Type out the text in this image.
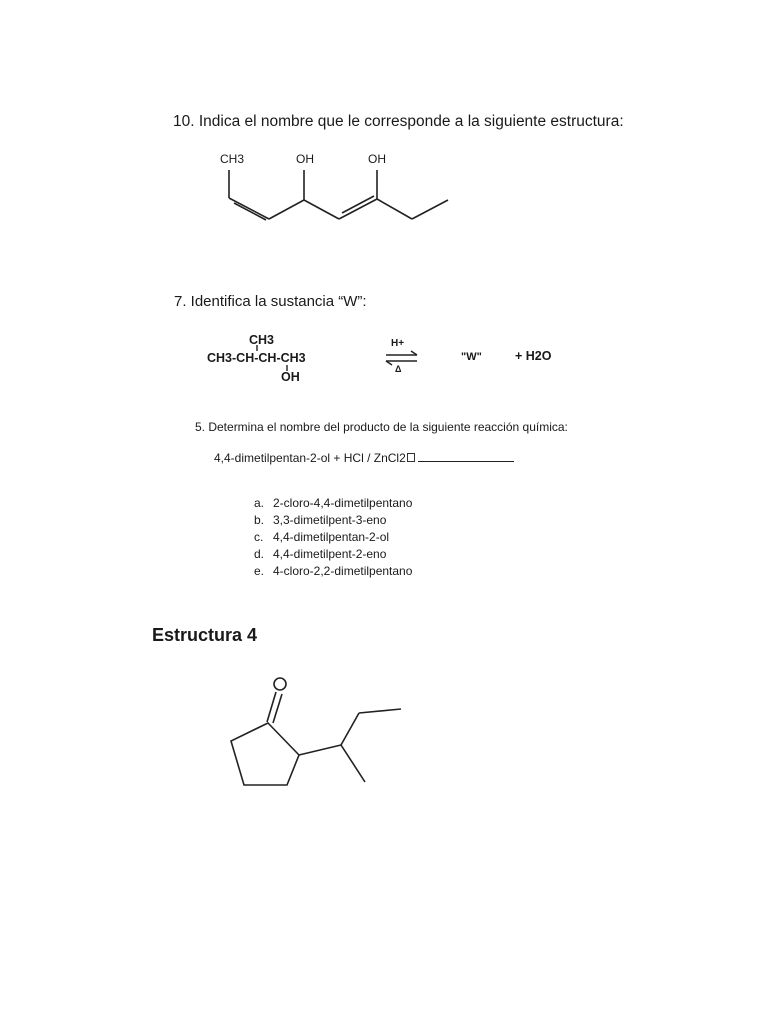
10. Indica el nombre que le corresponde a la siguiente estructura:
CH3	OH	OH
7. Identifica la sustancia “W”:
CH3
CH3-CH-CH-CH3
OH
H+
Δ
"W"	+ H2O
5. Determina el nombre del producto de la siguiente reacción química:
4,4-dimetilpentan-2-ol + HCl / ZnCl2
a. 2-cloro-4,4-dimetilpentano
b. 3,3-dimetilpent-3-eno
c. 4,4-dimetilpentan-2-ol
d. 4,4-dimetilpent-2-eno
e. 4-cloro-2,2-dimetilpentano
Estructura 4
